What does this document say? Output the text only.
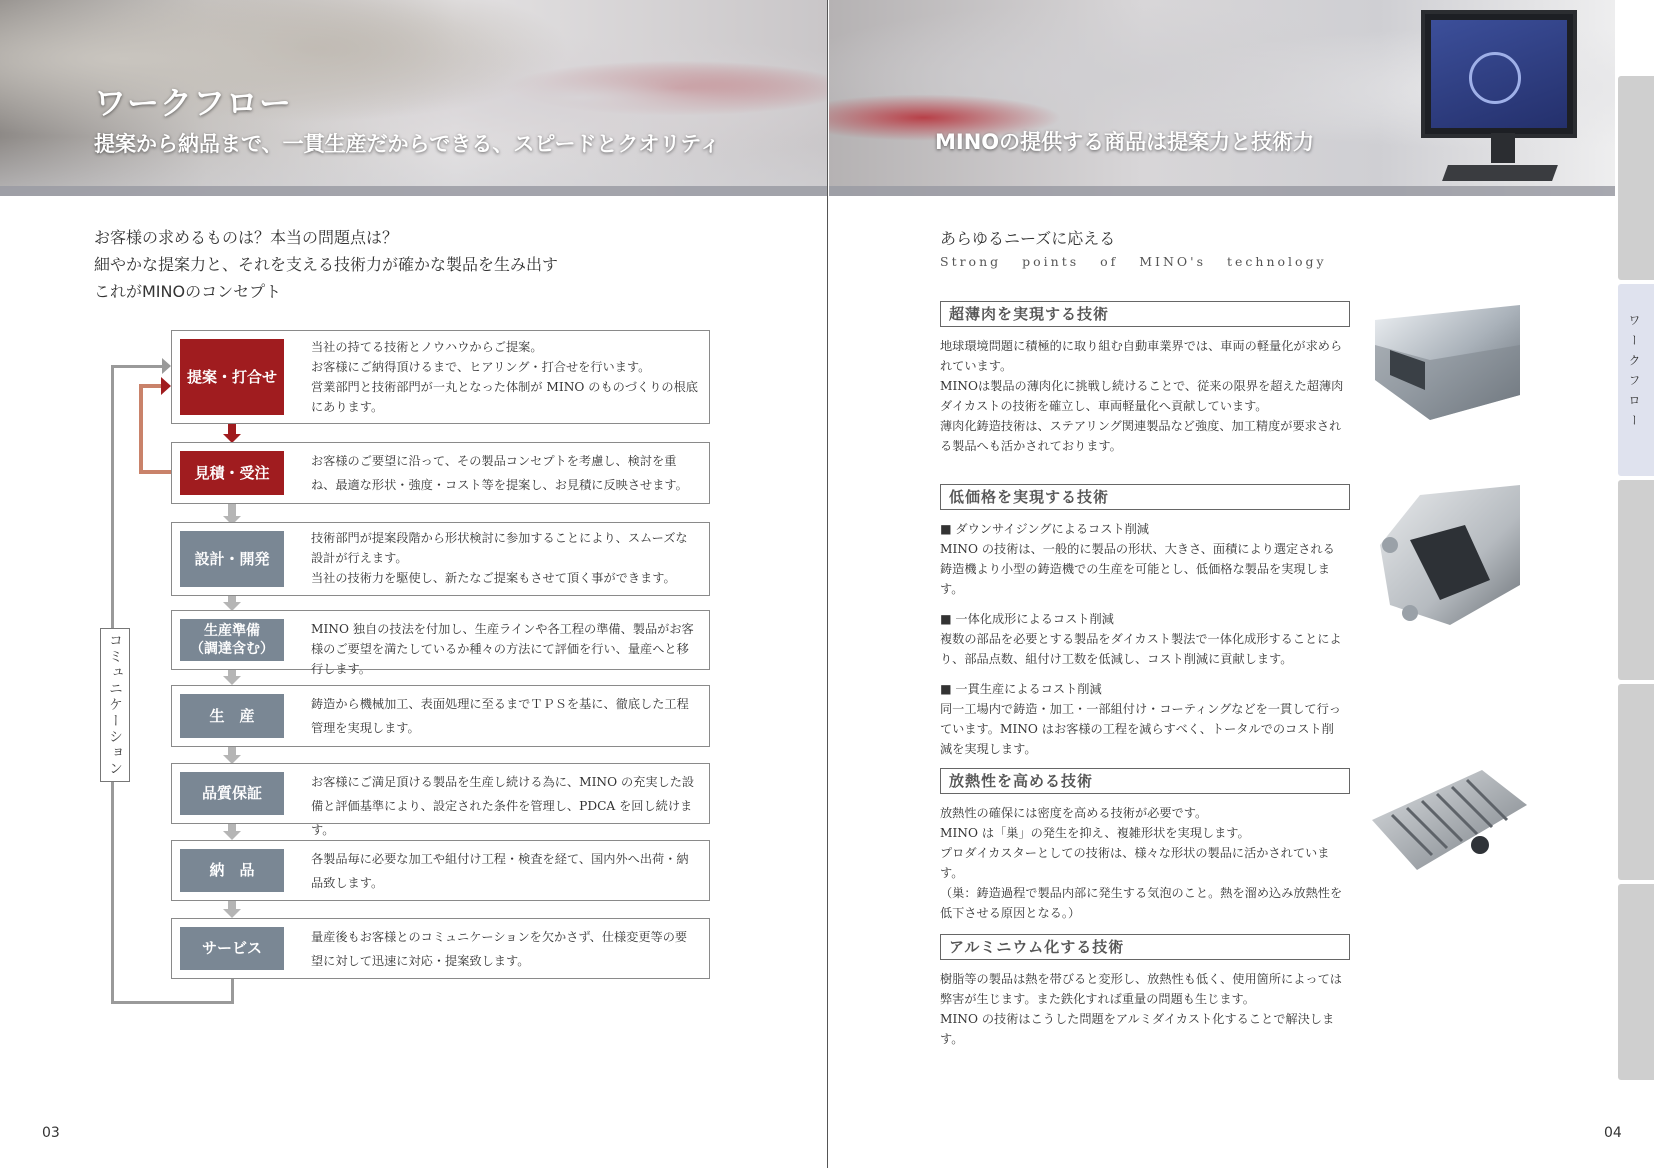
ワークフロー
提案から納品まで、一貫生産だからできる、スピードとクオリティ

お客様の求めるものは？本当の問題点は？

細やかな提案力と、それを支える技術力が確かな製品を生み出す

これがMINOのコンセプト

コミュニケーション
提案・打合せ
当社の持てる技術とノウハウからご提案。
お客様にご納得頂けるまで、ヒアリング・打合せを行います。
営業部門と技術部門が一丸となった体制が MINO のものづくりの根底にあります。
見積・受注
お客様のご要望に沿って、その製品コンセプトを考慮し、検討を重ね、最適な形状・強度・コスト等を提案し、お見積に反映させます。
設計・開発
技術部門が提案段階から形状検討に参加することにより、スムーズな設計が行えます。
当社の技術力を駆使し、新たなご提案もさせて頂く事ができます。
生産準備
（調達含む）
MINO 独自の技法を付加し、生産ラインや各工程の準備、製品がお客様のご要望を満たしているか種々の方法にて評価を行い、量産へと移行します。
生　産
鋳造から機械加工、表面処理に至るまでＴＰＳを基に、徹底した工程管理を実現します。
品質保証
お客様にご満足頂ける製品を生産し続ける為に、MINO の充実した設備と評価基準により、設定された条件を管理し、PDCA を回し続けます。
納　品
各製品毎に必要な加工や組付け工程・検査を経て、国内外へ出荷・納品致します。
サービス
量産後もお客様とのコミュニケーションを欠かさず、仕様変更等の要望に対して迅速に対応・提案致します。
03
MINOの提供する商品は提案力と技術力
あらゆるニーズに応える
Strong points of MINO's technology
超薄肉を実現する技術

地球環境問題に積極的に取り組む自動車業界では、車両の軽量化が求められています。

MINOは製品の薄肉化に挑戦し続けることで、従来の限界を超えた超薄肉ダイカストの技術を確立し、車両軽量化へ貢献しています。

薄肉化鋳造技術は、ステアリング関連製品など強度、加工精度が要求される製品へも活かされております。

低価格を実現する技術

■ ダウンサイジングによるコスト削減

MINO の技術は、一般的に製品の形状、大きさ、面積により選定される鋳造機より小型の鋳造機での生産を可能とし、低価格な製品を実現します。

■ 一体化成形によるコスト削減

複数の部品を必要とする製品をダイカスト製法で一体化成形することにより、部品点数、組付け工数を低減し、コスト削減に貢献します。

■ 一貫生産によるコスト削減

同一工場内で鋳造・加工・一部組付け・コーティングなどを一貫して行っています。MINO はお客様の工程を減らすべく、トータルでのコスト削減を実現します。

放熱性を高める技術

放熱性の確保には密度を高める技術が必要です。

MINO は「巣」の発生を抑え、複雑形状を実現します。

プロダイカスターとしての技術は、様々な形状の製品に活かされています。

（巣：鋳造過程で製品内部に発生する気泡のこと。熱を溜め込み放熱性を低下させる原因となる。）

アルミニウム化する技術

樹脂等の製品は熱を帯びると変形し、放熱性も低く、使用箇所によっては弊害が生じます。また鉄化すれば重量の問題も生じます。

MINO の技術はこうした問題をアルミダイカスト化することで解決します。

04
ワークフロー
